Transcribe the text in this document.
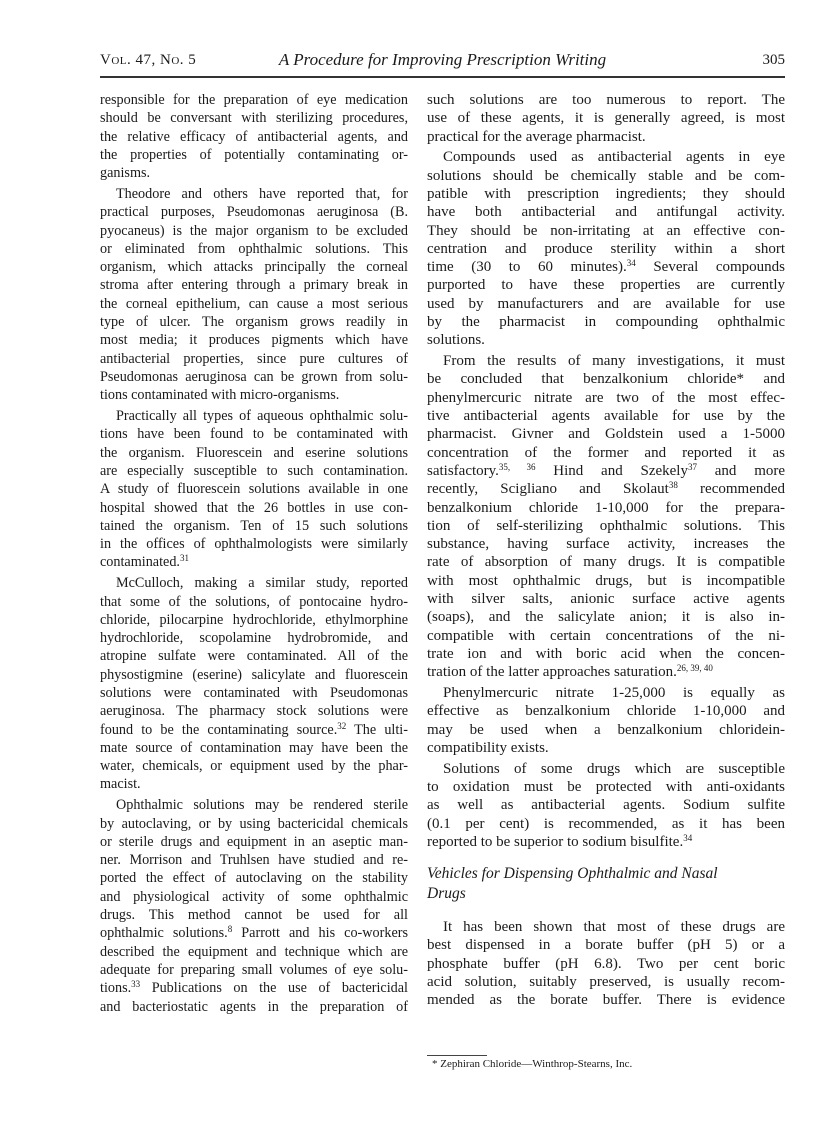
Vol. 47, No. 5	A Procedure for Improving Prescription Writing	305
responsible for the preparation of eye medication
should be conversant with sterilizing procedures,
the relative efficacy of antibacterial agents, and
the properties of potentially contaminating or-
ganisms.
Theodore and others have reported that, for
practical purposes, Pseudomonas aeruginosa (B.
pyocaneus) is the major organism to be excluded
or eliminated from ophthalmic solutions. This
organism, which attacks principally the corneal
stroma after entering through a primary break in
the corneal epithelium, can cause a most serious
type of ulcer. The organism grows readily in
most media; it produces pigments which have
antibacterial properties, since pure cultures of
Pseudomonas aeruginosa can be grown from solu-
tions contaminated with micro-organisms.
Practically all types of aqueous ophthalmic solu-
tions have been found to be contaminated with
the organism. Fluorescein and eserine solutions
are especially susceptible to such contamination.
A study of fluorescein solutions available in one
hospital showed that the 26 bottles in use con-
tained the organism. Ten of 15 such solutions
in the offices of ophthalmologists were similarly
contaminated.$^{31}$
McCulloch, making a similar study, reported
that some of the solutions, of pontocaine hydro-
chloride, pilocarpine hydrochloride, ethylmorphine
hydrochloride, scopolamine hydrobromide, and
atropine sulfate were contaminated. All of the
physostigmine (eserine) salicylate and fluorescein
solutions were contaminated with Pseudomonas
aeruginosa. The pharmacy stock solutions were
found to be the contaminating source.$^{32}$ The ulti-
mate source of contamination may have been the
water, chemicals, or equipment used by the phar-
macist.
Ophthalmic solutions may be rendered sterile
by autoclaving, or by using bactericidal chemicals
or sterile drugs and equipment in an aseptic man-
ner. Morrison and Truhlsen have studied and re-
ported the effect of autoclaving on the stability
and physiological activity of some ophthalmic
drugs. This method cannot be used for all
ophthalmic solutions.$^8$ Parrott and his co-workers
described the equipment and technique which are
adequate for preparing small volumes of eye solu-
tions.$^{33}$ Publications on the use of bactericidal
and bacteriostatic agents in the preparation of
such solutions are too numerous to report. The
use of these agents, it is generally agreed, is most
practical for the average pharmacist.
Compounds used as antibacterial agents in eye
solutions should be chemically stable and be com-
patible with prescription ingredients; they should
have both antibacterial and antifungal activity.
They should be non-irritating at an effective con-
centration and produce sterility within a short
time (30 to 60 minutes).$^{34}$ Several compounds
purported to have these properties are currently
used by manufacturers and are available for use
by the pharmacist in compounding ophthalmic
solutions.
From the results of many investigations, it must
be concluded that benzalkonium chloride* and
phenylmercuric nitrate are two of the most effec-
tive antibacterial agents available for use by the
pharmacist. Givner and Goldstein used a 1-5000
concentration of the former and reported it as
satisfactory.$^{35, 36}$ Hind and Szekely$^{37}$ and more
recently, Scigliano and Skolaut$^{38}$ recommended
benzalkonium chloride 1-10,000 for the prepara-
tion of self-sterilizing ophthalmic solutions. This
substance, having surface activity, increases the
rate of absorption of many drugs. It is compatible
with most ophthalmic drugs, but is incompatible
with silver salts, anionic surface active agents
(soaps), and the salicylate anion; it is also in-
compatible with certain concentrations of the ni-
trate ion and with boric acid when the concen-
tration of the latter approaches saturation.$^{26, 39, 40}$
Phenylmercuric nitrate 1-25,000 is equally as
effective as benzalkonium chloride 1-10,000 and
may be used when a benzalkonium chloridein-
compatibility exists.
Solutions of some drugs which are susceptible
to oxidation must be protected with anti-oxidants
as well as antibacterial agents. Sodium sulfite
(0.1 per cent) is recommended, as it has been
reported to be superior to sodium bisulfite.$^{34}$
Vehicles for Dispensing Ophthalmic and Nasal
Drugs
It has been shown that most of these drugs are
best dispensed in a borate buffer (pH 5) or a
phosphate buffer (pH 6.8). Two per cent boric
acid solution, suitably preserved, is usually recom-
mended as the borate buffer. There is evidence
* Zephiran Chloride—Winthrop-Stearns, Inc.
